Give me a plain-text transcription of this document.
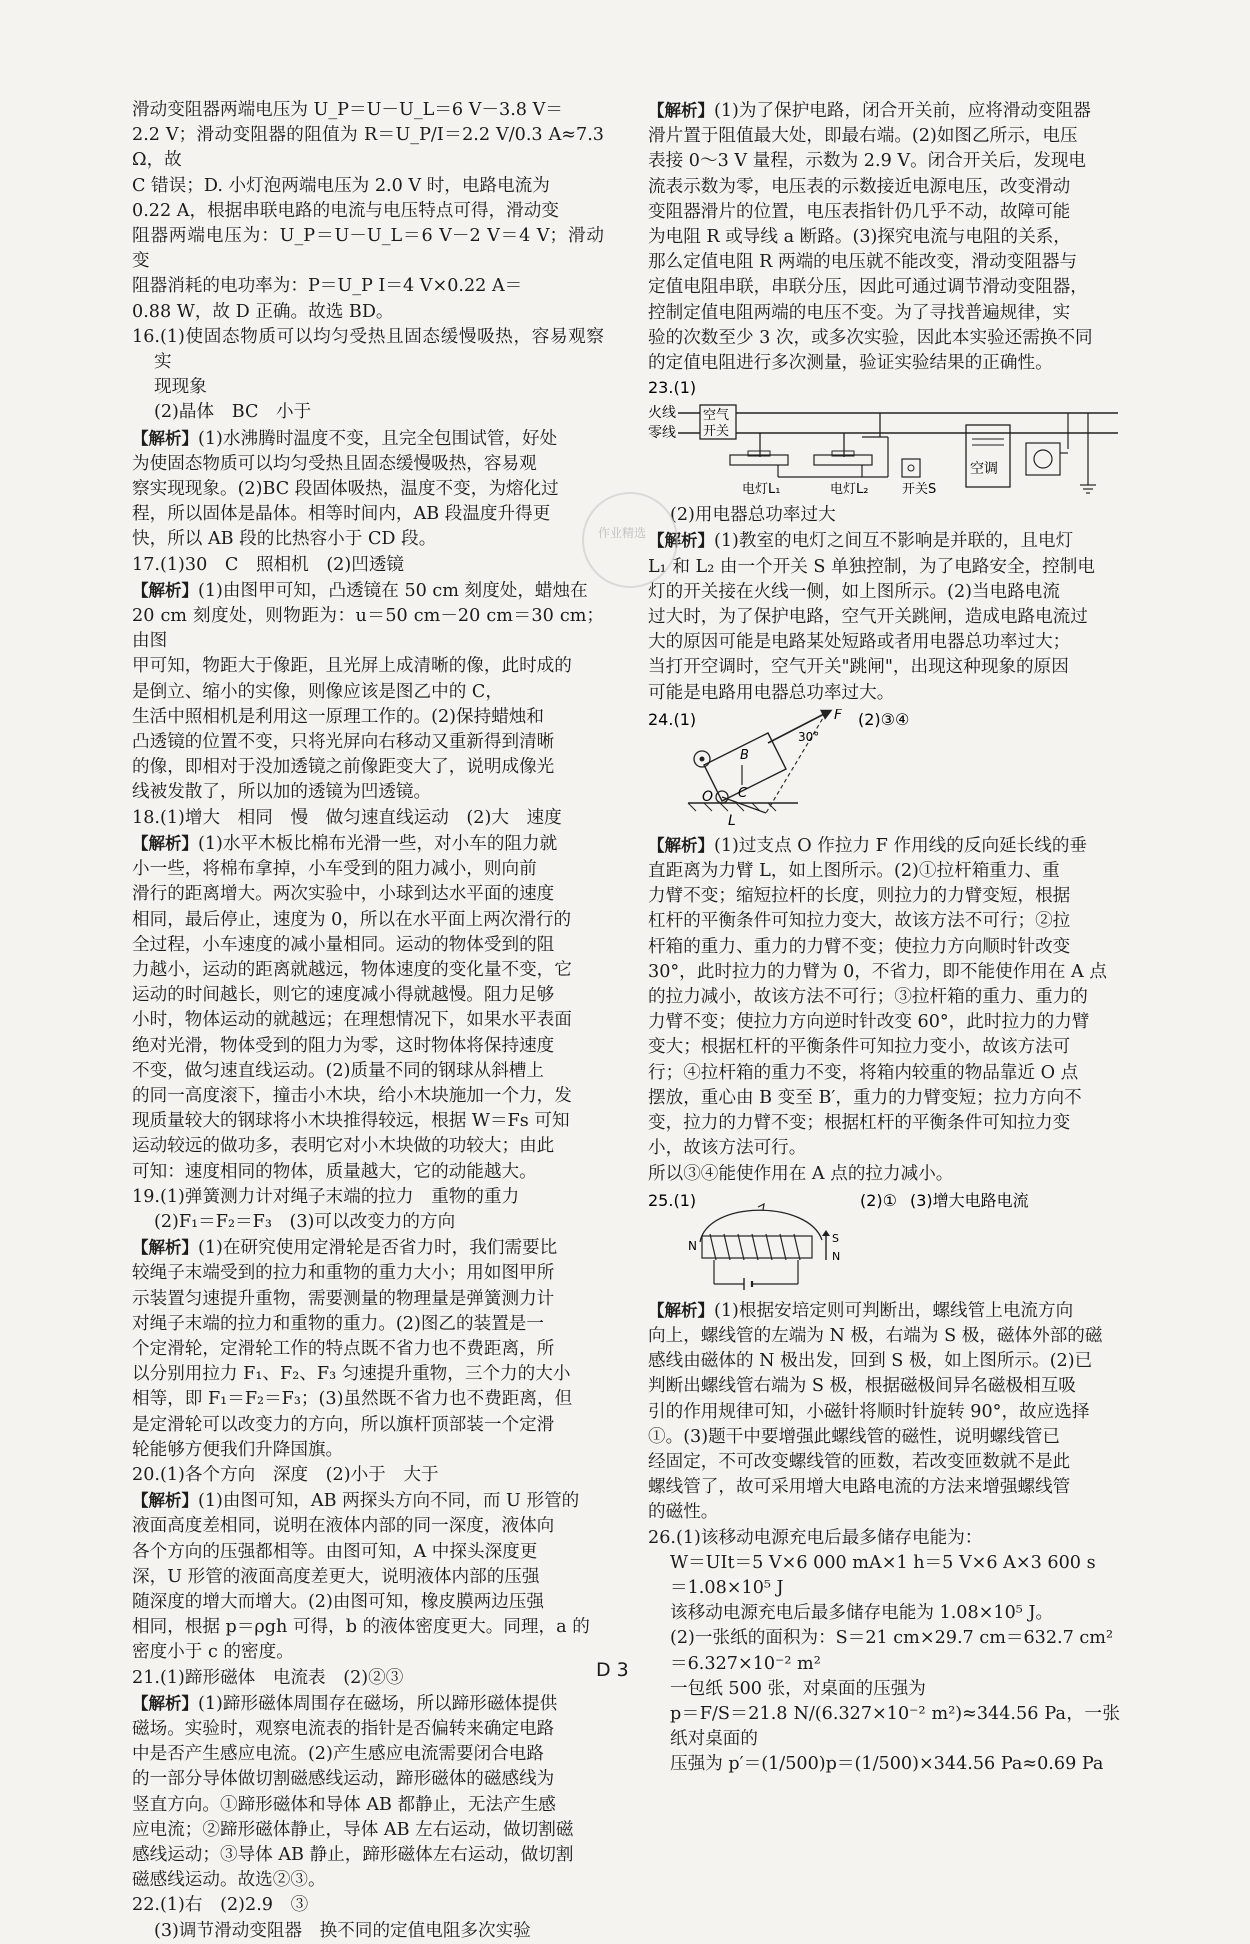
滑动变阻器两端电压为 U_P＝U－U_L＝6 V－3.8 V＝

2.2 V；滑动变阻器的阻值为 R＝U_P/I＝2.2 V/0.3 A≈7.3 Ω，故

C 错误；D. 小灯泡两端电压为 2.0 V 时，电路电流为

0.22 A，根据串联电路的电流与电压特点可得，滑动变

阻器两端电压为：U_P＝U－U_L＝6 V－2 V＝4 V；滑动变

阻器消耗的电功率为：P＝U_P I＝4 V×0.22 A＝

0.88 W，故 D 正确。故选 BD。

16.(1)使固态物质可以均匀受热且固态缓慢吸热，容易观察实

现现象

(2)晶体　BC　小于

【解析】(1)水沸腾时温度不变，且完全包围试管，好处

为使固态物质可以均匀受热且固态缓慢吸热，容易观

察实现现象。(2)BC 段固体吸热，温度不变，为熔化过

程，所以固体是晶体。相等时间内，AB 段温度升得更

快，所以 AB 段的比热容小于 CD 段。

17.(1)30　C　照相机　(2)凹透镜

【解析】(1)由图甲可知，凸透镜在 50 cm 刻度处，蜡烛在

20 cm 刻度处，则物距为：u＝50 cm－20 cm＝30 cm；由图

甲可知，物距大于像距，且光屏上成清晰的像，此时成的

是倒立、缩小的实像，则像应该是图乙中的 C，

生活中照相机是利用这一原理工作的。(2)保持蜡烛和

凸透镜的位置不变，只将光屏向右移动又重新得到清晰

的像，即相对于没加透镜之前像距变大了，说明成像光

线被发散了，所以加的透镜为凹透镜。

18.(1)增大　相同　慢　做匀速直线运动　(2)大　速度

【解析】(1)水平木板比棉布光滑一些，对小车的阻力就

小一些，将棉布拿掉，小车受到的阻力减小，则向前

滑行的距离增大。两次实验中，小球到达水平面的速度

相同，最后停止，速度为 0，所以在水平面上两次滑行的

全过程，小车速度的减小量相同。运动的物体受到的阻

力越小，运动的距离就越远，物体速度的变化量不变，它

运动的时间越长，则它的速度减小得就越慢。阻力足够

小时，物体运动的就越远；在理想情况下，如果水平表面

绝对光滑，物体受到的阻力为零，这时物体将保持速度

不变，做匀速直线运动。(2)质量不同的钢球从斜槽上

的同一高度滚下，撞击小木块，给小木块施加一个力，发

现质量较大的钢球将小木块推得较远，根据 W＝Fs 可知

运动较远的做功多，表明它对小木块做的功较大；由此

可知：速度相同的物体，质量越大，它的动能越大。

19.(1)弹簧测力计对绳子末端的拉力　重物的重力

(2)F₁＝F₂＝F₃　(3)可以改变力的方向

【解析】(1)在研究使用定滑轮是否省力时，我们需要比

较绳子末端受到的拉力和重物的重力大小；用如图甲所

示装置匀速提升重物，需要测量的物理量是弹簧测力计

对绳子末端的拉力和重物的重力。(2)图乙的装置是一

个定滑轮，定滑轮工作的特点既不省力也不费距离，所

以分别用拉力 F₁、F₂、F₃ 匀速提升重物，三个力的大小

相等，即 F₁＝F₂＝F₃；(3)虽然既不省力也不费距离，但

是定滑轮可以改变力的方向，所以旗杆顶部装一个定滑

轮能够方便我们升降国旗。

20.(1)各个方向　深度　(2)小于　大于

【解析】(1)由图可知，AB 两探头方向不同，而 U 形管的

液面高度差相同，说明在液体内部的同一深度，液体向

各个方向的压强都相等。由图可知，A 中探头深度更

深，U 形管的液面高度差更大，说明液体内部的压强

随深度的增大而增大。(2)由图可知，橡皮膜两边压强

相同，根据 p＝ρgh 可得，b 的液体密度更大。同理，a 的

密度小于 c 的密度。

21.(1)蹄形磁体　电流表　(2)②③

【解析】(1)蹄形磁体周围存在磁场，所以蹄形磁体提供

磁场。实验时，观察电流表的指针是否偏转来确定电路

中是否产生感应电流。(2)产生感应电流需要闭合电路

的一部分导体做切割磁感线运动，蹄形磁体的磁感线为

竖直方向。①蹄形磁体和导体 AB 都静止，无法产生感

应电流；②蹄形磁体静止，导体 AB 左右运动，做切割磁

感线运动；③导体 AB 静止，蹄形磁体左右运动，做切割

磁感线运动。故选②③。

22.(1)右　(2)2.9　③

(3)调节滑动变阻器　换不同的定值电阻多次实验

【解析】(1)为了保护电路，闭合开关前，应将滑动变阻器

滑片置于阻值最大处，即最右端。(2)如图乙所示，电压

表接 0～3 V 量程，示数为 2.9 V。闭合开关后，发现电

流表示数为零，电压表的示数接近电源电压，改变滑动

变阻器滑片的位置，电压表指针仍几乎不动，故障可能

为电阻 R 或导线 a 断路。(3)探究电流与电阻的关系，

那么定值电阻 R 两端的电压就不能改变，滑动变阻器与

定值电阻串联，串联分压，因此可通过调节滑动变阻器，

控制定值电阻两端的电压不变。为了寻找普遍规律，实

验的次数至少 3 次，或多次实验，因此本实验还需换不同

的定值电阻进行多次测量，验证实验结果的正确性。

23.(1)
火线
零线
空气
开关
电灯L₁	电灯L₂	开关S
空调

(2)用电器总功率过大

【解析】(1)教室的电灯之间互不影响是并联的，且电灯

L₁ 和 L₂ 由一个开关 S 单独控制，为了电路安全，控制电

灯的开关接在火线一侧，如上图所示。(2)当电路电流

过大时，为了保护电路，空气开关跳闸，造成电路电流过

大的原因可能是电路某处短路或者用电器总功率过大；

当打开空调时，空气开关"跳闸"，出现这种现象的原因

可能是电路用电器总功率过大。

24.(1)	(2)③④
F
B
30°
O C
L

【解析】(1)过支点 O 作拉力 F 作用线的反向延长线的垂

直距离为力臂 L，如上图所示。(2)①拉杆箱重力、重

力臂不变；缩短拉杆的长度，则拉力的力臂变短，根据

杠杆的平衡条件可知拉力变大，故该方法不可行；②拉

杆箱的重力、重力的力臂不变；使拉力方向顺时针改变

30°，此时拉力的力臂为 0，不省力，即不能使作用在 A 点

的拉力减小，故该方法不可行；③拉杆箱的重力、重力的

力臂不变；使拉力方向逆时针改变 60°，此时拉力的力臂

变大；根据杠杆的平衡条件可知拉力变小，故该方法可

行；④拉杆箱的重力不变，将箱内较重的物品靠近 O 点

摆放，重心由 B 变至 B′，重力的力臂变短；拉力方向不

变，拉力的力臂不变；根据杠杆的平衡条件可知拉力变

小，故该方法可行。

所以③④能使作用在 A 点的拉力减小。

25.(1)	(2)① (3)增大电路电流
N
S
N

【解析】(1)根据安培定则可判断出，螺线管上电流方向

向上，螺线管的左端为 N 极，右端为 S 极，磁体外部的磁

感线由磁体的 N 极出发，回到 S 极，如上图所示。(2)已

判断出螺线管右端为 S 极，根据磁极间异名磁极相互吸

引的作用规律可知，小磁针将顺时针旋转 90°，故应选择

①。(3)题干中要增强此螺线管的磁性，说明螺线管已

经固定，不可改变螺线管的匝数，若改变匝数就不是此

螺线管了，故可采用增大电路电流的方法来增强螺线管

的磁性。

26.(1)该移动电源充电后最多储存电能为：

W＝UIt＝5 V×6 000 mA×1 h＝5 V×6 A×3 600 s

＝1.08×10⁵ J

该移动电源充电后最多储存电能为 1.08×10⁵ J。

(2)一张纸的面积为：S＝21 cm×29.7 cm＝632.7 cm²

＝6.327×10⁻² m²

一包纸 500 张，对桌面的压强为

p＝F/S＝21.8 N/(6.327×10⁻² m²)≈344.56 Pa，一张纸对桌面的

压强为 p′＝(1/500)p＝(1/500)×344.56 Pa≈0.69 Pa

作业精选
D 3
